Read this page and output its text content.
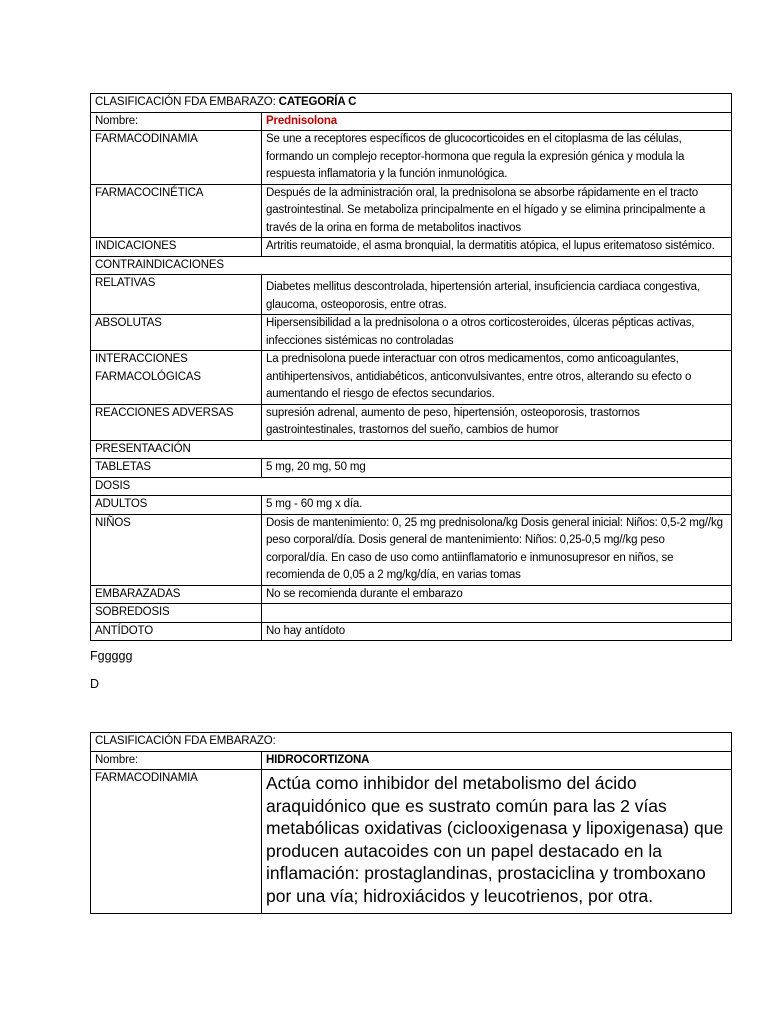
CLASIFICACIÓN FDA EMBARAZO: CATEGORÍA C	
Nombre:	Prednisolona
FARMACODINAMIA	Se une a receptores específicos de glucocorticoides en el citoplasma de las células, formando un complejo receptor-hormona que regula la expresión génica y modula la respuesta inflamatoria y la función inmunológica.
FARMACOCINÉTICA	Después de la administración oral, la prednisolona se absorbe rápidamente en el tracto gastrointestinal. Se metaboliza principalmente en el hígado y se elimina principalmente a través de la orina en forma de metabolitos inactivos
INDICACIONES	Artritis reumatoide, el asma bronquial, la dermatitis atópica, el lupus eritematoso sistémico.
CONTRAINDICACIONES	
RELATIVAS	Diabetes mellitus descontrolada, hipertensión arterial, insuficiencia cardiaca congestiva, glaucoma, osteoporosis, entre otras.
ABSOLUTAS	Hipersensibilidad a la prednisolona o a otros corticosteroides, úlceras pépticas activas, infecciones sistémicas no controladas
INTERACCIONES FARMACOLÓGICAS	La prednisolona puede interactuar con otros medicamentos, como anticoagulantes, antihipertensivos, antidiabéticos, anticonvulsivantes, entre otros, alterando su efecto o aumentando el riesgo de efectos secundarios.
REACCIONES ADVERSAS	supresión adrenal, aumento de peso, hipertensión, osteoporosis, trastornos gastrointestinales, trastornos del sueño, cambios de humor
PRESENTAACIÓN	
TABLETAS	5 mg, 20 mg, 50 mg
DOSIS	
ADULTOS	5 mg - 60 mg x día.
NIÑOS	Dosis de mantenimiento: 0, 25 mg prednisolona/kg Dosis general inicial: Niños: 0,5-2 mg//kg peso corporal/día. Dosis general de mantenimiento: Niños: 0,25-0,5 mg//kg peso corporal/día. En caso de uso como antiinflamatorio e inmunosupresor en niños, se recomienda de 0,05 a 2 mg/kg/día, en varias tomas
EMBARAZADAS	No se recomienda durante el embarazo
SOBREDOSIS	
ANTÍDOTO	No hay antídoto
Fggggg
D
CLASIFICACIÓN FDA EMBARAZO:	
Nombre:	HIDROCORTIZONA
FARMACODINAMIA	Actúa como inhibidor del metabolismo del ácido araquidónico que es sustrato común para las 2 vías metabólicas oxidativas (ciclooxigenasa y lipoxigenasa) que producen autacoides con un papel destacado en la inflamación: prostaglandinas, prostaciclina y tromboxano por una vía; hidroxiácidos y leucotrienos, por otra.
